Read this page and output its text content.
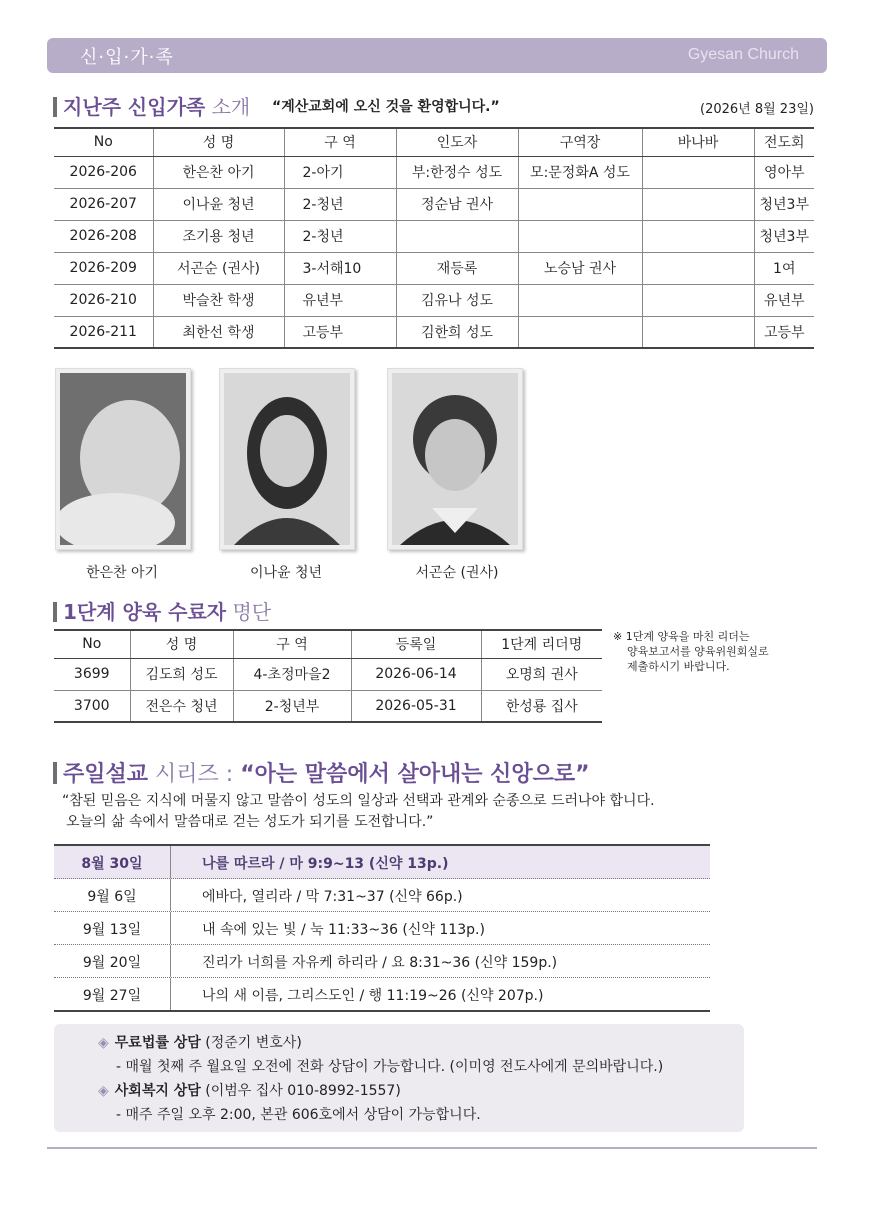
신·입·가·족	Gyesan Church
지난주 신입가족 소개 “계산교회에 오신 것을 환영합니다.”	(2026년 8월 23일)
No	성 명	구 역	인도자	구역장	바나바	전도회
2026-206	한은찬 아기	2-아기	부:한정수 성도	모:문정화A 성도		영아부
2026-207	이나윤 청년	2-청년	정순남 권사			청년3부
2026-208	조기용 청년	2-청년				청년3부
2026-209	서곤순 (권사)	3-서해10	재등록	노승남 권사		1여
2026-210	박슬찬 학생	유년부	김유나 성도			유년부
2026-211	최한선 학생	고등부	김한희 성도			고등부
한은찬 아기	이나윤 청년	서곤순 (권사)
1단계 양육 수료자 명단
No	성 명	구 역	등록일	1단계 리더명
3699	김도희 성도	4-초정마을2	2026-06-14	오명희 권사
3700	전은수 청년	2-청년부	2026-05-31	한성룡 집사
※ 1단계 양육을 마친 리더는
양육보고서를 양육위원회실로
제출하시기 바랍니다.
주일설교 시리즈 : “아는 말씀에서 살아내는 신앙으로”
“참된 믿음은 지식에 머물지 않고 말씀이 성도의 일상과 선택과 관계와 순종으로 드러나야 합니다.
오늘의 삶 속에서 말씀대로 걷는 성도가 되기를 도전합니다.”
8월 30일	나를 따르라 / 마 9:9~13 (신약 13p.)
9월 6일	에바다, 열리라 / 막 7:31~37 (신약 66p.)
9월 13일	내 속에 있는 빛 / 눅 11:33~36 (신약 113p.)
9월 20일	진리가 너희를 자유케 하리라 / 요 8:31~36 (신약 159p.)
9월 27일	나의 새 이름, 그리스도인 / 행 11:19~26 (신약 207p.)
◈ 무료법률 상담 (정준기 변호사)
- 매월 첫째 주 월요일 오전에 전화 상담이 가능합니다. (이미영 전도사에게 문의바랍니다.)
◈ 사회복지 상담 (이범우 집사 010-8992-1557)
- 매주 주일 오후 2:00, 본관 606호에서 상담이 가능합니다.
